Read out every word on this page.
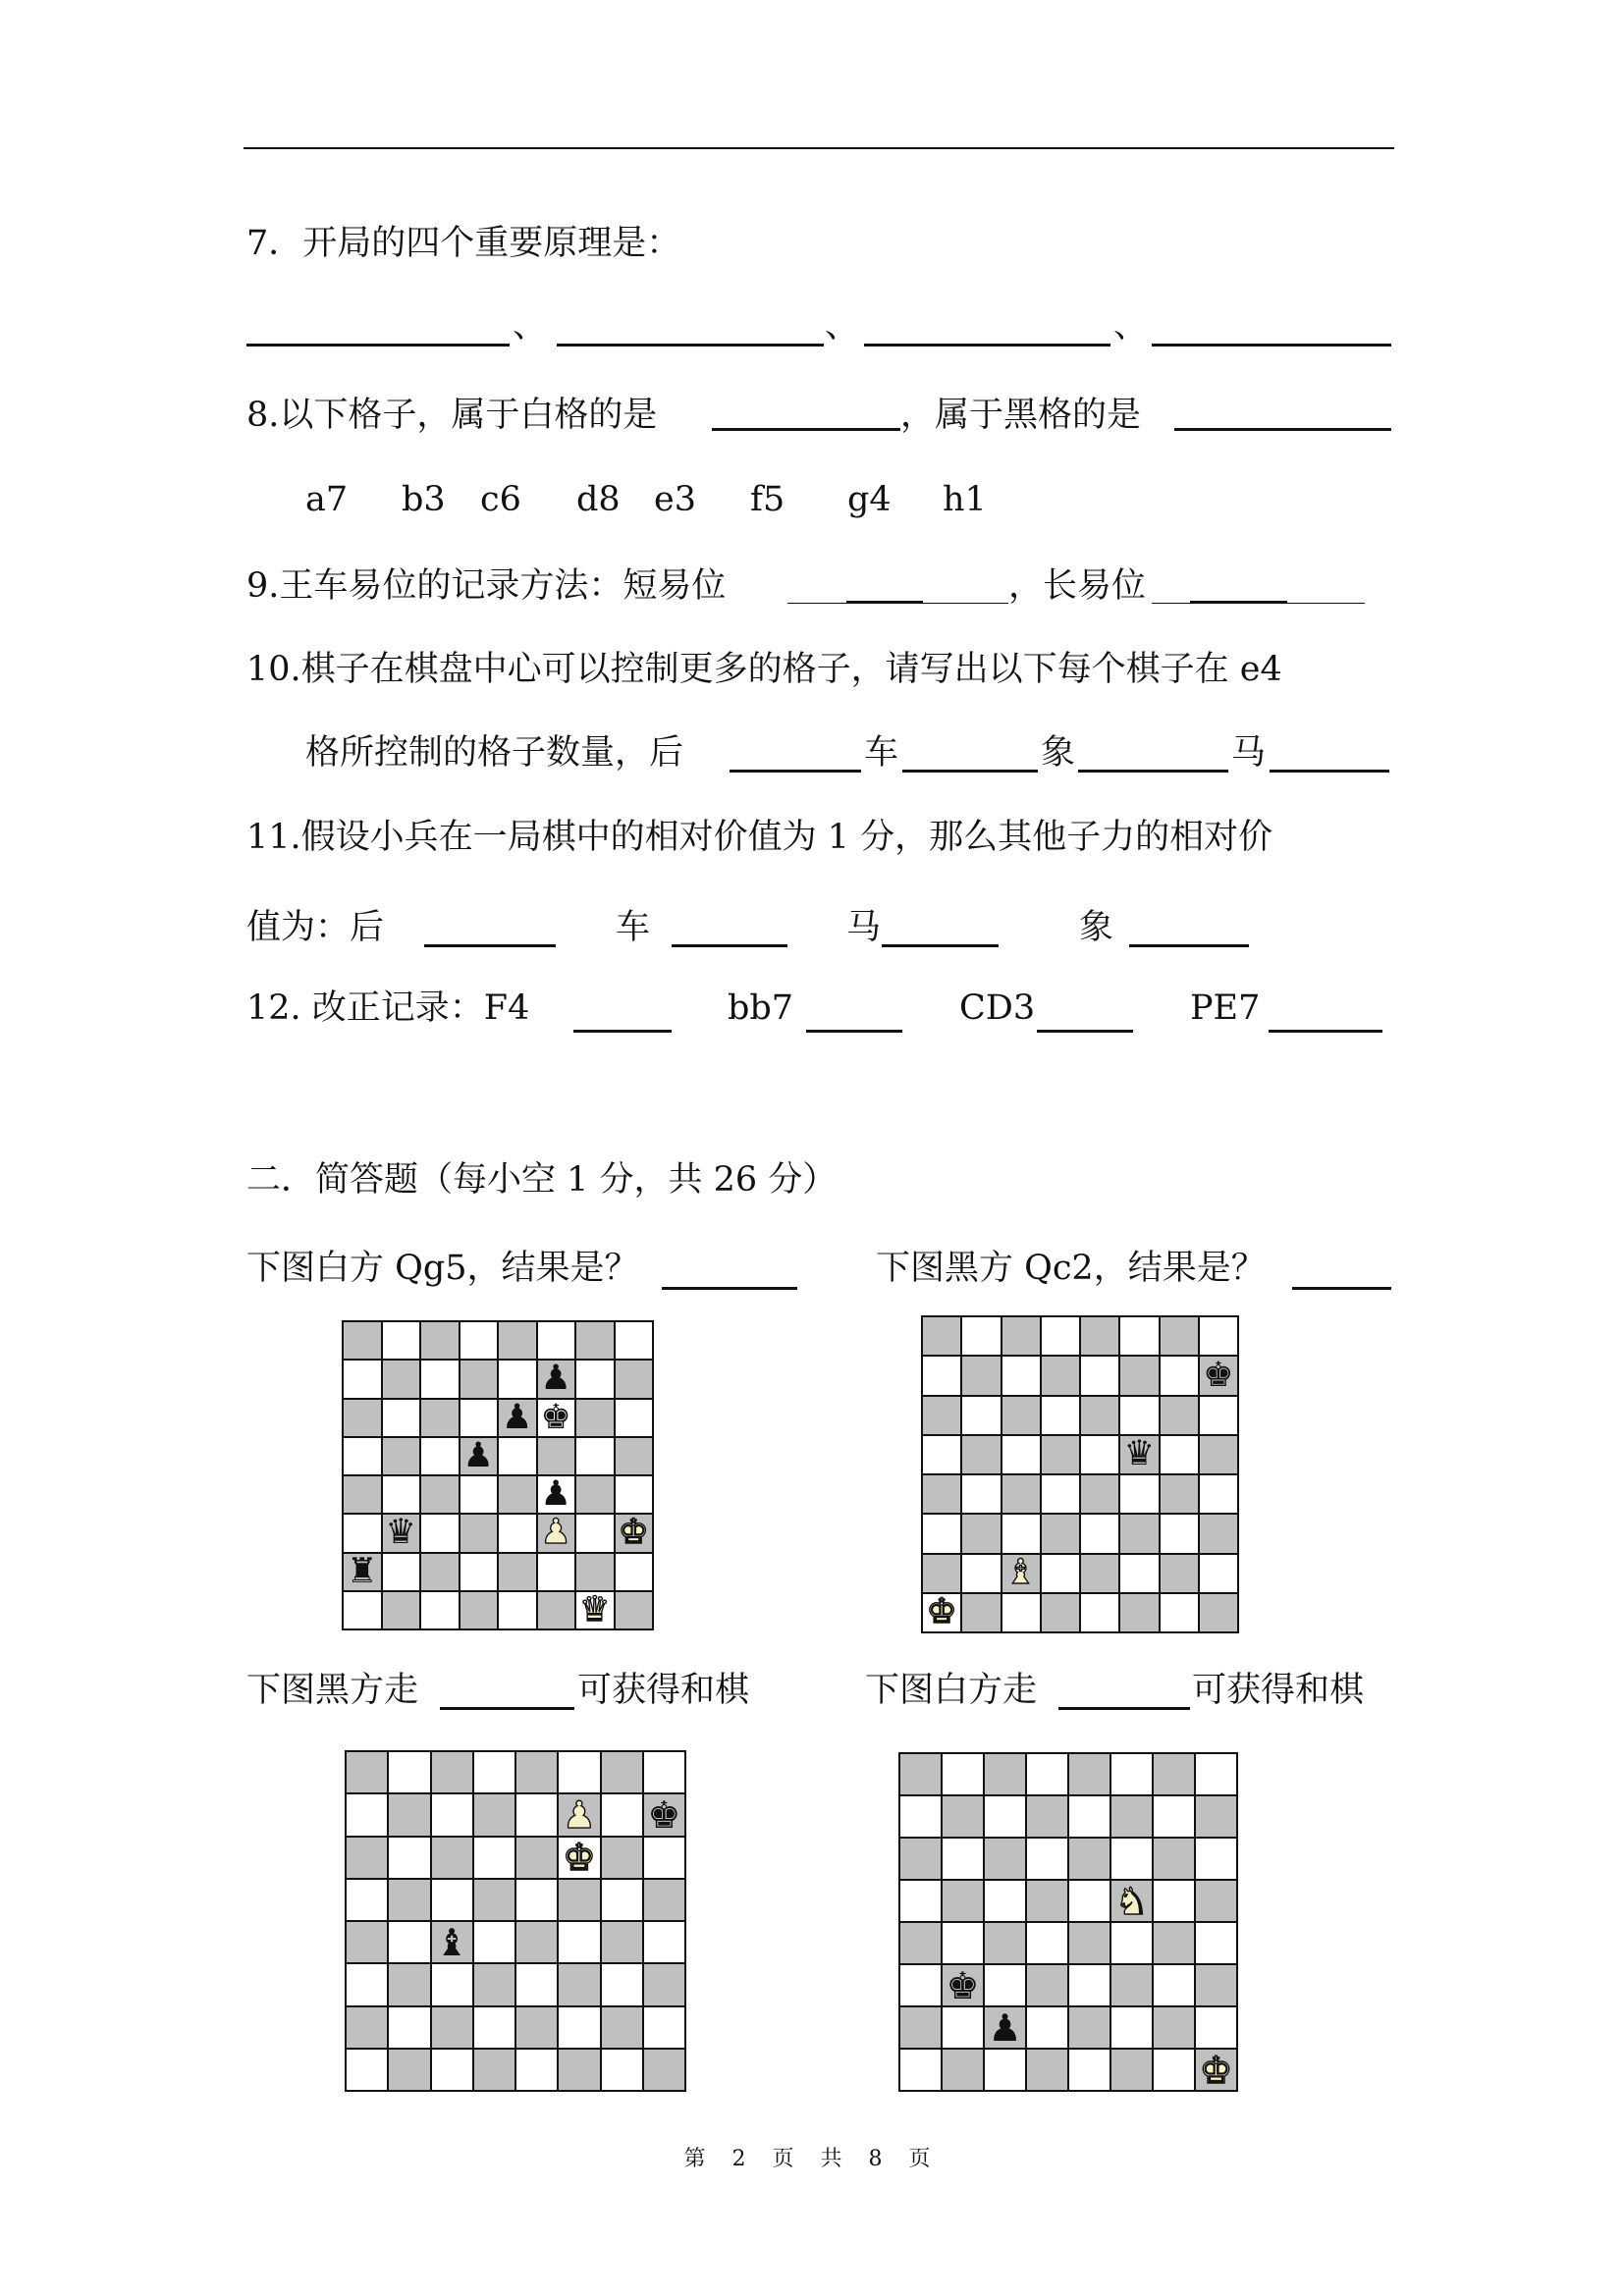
7．开局的四个重要原理是：
、	、	、
8.以下格子，属于白格的是	，属于黑格的是
a7 b3 c6 d8 e3 f5 g4 h1
9.王车易位的记录方法：短易位	，长易位
10.棋子在棋盘中心可以控制更多的格子，请写出以下每个棋子在 e4
格所控制的格子数量，后	车	象	马
11.假设小兵在一局棋中的相对价值为 1 分，那么其他子力的相对价
值为：后	车	马	象
12. 改正记录：F4	bb7	CD3	PE7
二．简答题（每小空 1 分，共 26 分）
下图白方 Qg5，结果是？	下图黑方 Qc2，结果是？
♟
♟ ♚
♟
♟
♛	♟ ♚
♜
♛
♚
♛
♝
♚
下图黑方走	可获得和棋	下图白方走	可获得和棋
♟ ♚
♚
♝
♞
♚
♟
♚
第 2 页 共 8 页
